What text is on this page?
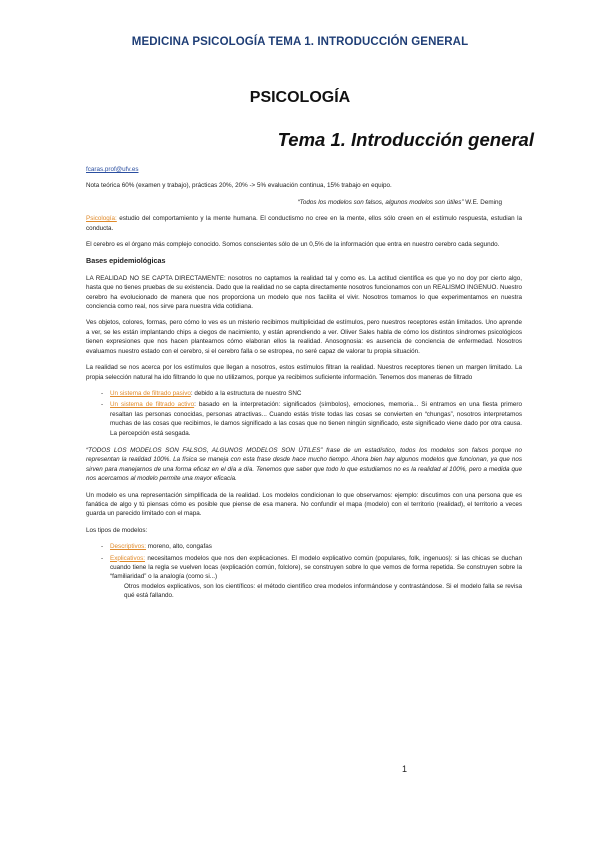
MEDICINA PSICOLOGÍA TEMA 1. INTRODUCCIÓN GENERAL
PSICOLOGÍA
Tema 1. Introducción general

fcaras.prof@ufv.es

Nota teórica 60% (examen y trabajo), prácticas 20%, 20% -> 5% evaluación continua, 15% trabajo en equipo.

“Todos los modelos son falsos, algunos modelos son útiles” W.E. Deming

Psicología: estudio del comportamiento y la mente humana. El conductismo no cree en la mente, ellos sólo creen en el estímulo respuesta, estudian la conducta.

El cerebro es el órgano más complejo conocido. Somos conscientes sólo de un 0,5% de la información que entra en nuestro cerebro cada segundo.

Bases epidemiológicas

LA REALIDAD NO SE CAPTA DIRECTAMENTE: nosotros no captamos la realidad tal y como es. La actitud científica es que yo no doy por cierto algo, hasta que no tienes pruebas de su existencia. Dado que la realidad no se capta directamente nosotros funcionamos con un REALISMO INGENUO. Nuestro cerebro ha evolucionado de manera que nos proporciona un modelo que nos facilita el vivir. Nosotros tomamos lo que experimentamos en nuestra conciencia como real, nos sirve para nuestra vida cotidiana.

Ves objetos, colores, formas, pero cómo lo ves es un misterio recibimos multiplicidad de estímulos, pero nuestros receptores están limitados. Uno aprende a ver, se les están implantando chips a ciegos de nacimiento, y están aprendiendo a ver. Oliver Sales habla de cómo los distintos síndromes psicológicos tienen expresiones que nos hacen plantearnos cómo elaboran ellos la realidad. Anosognosia: es ausencia de conciencia de enfermedad. Nosotros evaluamos nuestro estado con el cerebro, si el cerebro falla o se estropea, no seré capaz de valorar tu propia situación.

La realidad se nos acerca por los estímulos que llegan a nosotros, estos estímulos filtran la realidad. Nuestros receptores tienen un margen limitado. La propia selección natural ha ido filtrando lo que no utilizamos, porque ya recibimos suficiente información. Tenemos dos maneras de filtrado

- Un sistema de filtrado pasivo: debido a la estructura de nuestro SNC
- Un sistema de filtrado activo: basado en la interpretación: significados (símbolos), emociones, memoria... Si entramos en una fiesta primero resaltan las personas conocidas, personas atractivas... Cuando estás triste todas las cosas se convierten en “chungas”, nosotros interpretamos muchas de las cosas que recibimos, le damos significado a las cosas que no tienen ningún significado, este significado viene dado por otra causa. La percepción está sesgada.

“TODOS LOS MODELOS SON FALSOS, ALGUNOS MODELOS SON ÚTILES” frase de un estadístico, todos los modelos son falsos porque no representan la realidad 100%. La física se maneja con esta frase desde hace mucho tiempo. Ahora bien hay algunos modelos que funcionan, ya que nos sirven para manejarnos de una forma eficaz en el día a día. Tenemos que saber que todo lo que estudiamos no es la realidad al 100%, pero a medida que nos acercamos al modelo permite una mayor eficacia.

Un modelo es una representación simplificada de la realidad. Los modelos condicionan lo que observamos: ejemplo: discutimos con una persona que es fanática de algo y tú piensas cómo es posible que piense de esa manera. No confundir el mapa (modelo) con el territorio (realidad), el territorio a veces guarda un parecido limitado con el mapa.

Los tipos de modelos:

- Descriptivos: moreno, alto, congafas
- Explicativos: necesitamos modelos que nos den explicaciones. El modelo explicativo común (populares, folk, ingenuos): si las chicas se duchan cuando tiene la regla se vuelven locas (explicación común, folclore), se construyen sobre lo que vemos de forma repetida. Se construyen sobre la “familiaridad” o la analogía (como si...)
Otros modelos explicativos, son los científicos: el método científico crea modelos informándose y contrastándose. Si el modelo falla se revisa qué está fallando.
1
